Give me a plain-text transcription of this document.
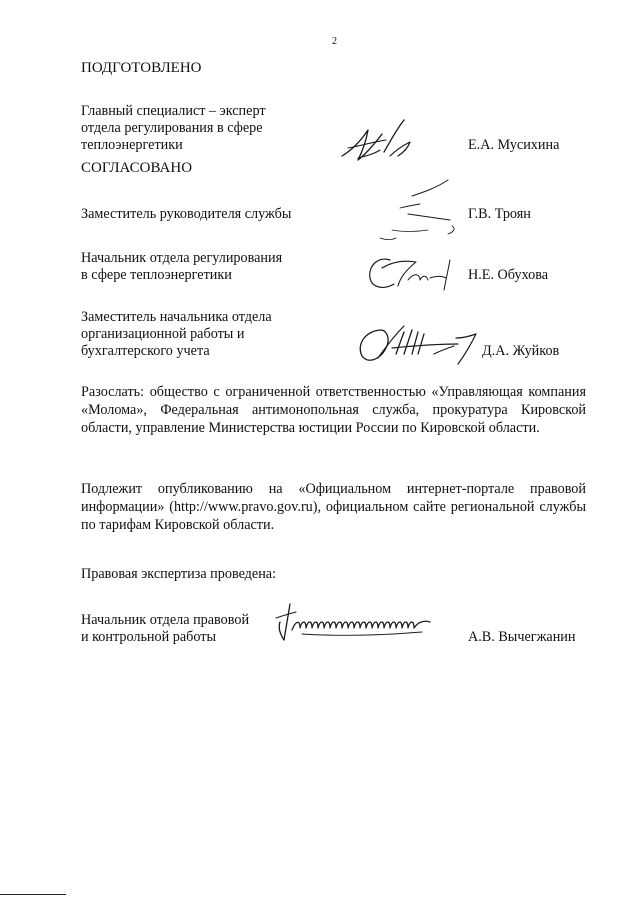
2
ПОДГОТОВЛЕНО
Главный специалист – эксперт
отдела регулирования в сфере
теплоэнергетики	Е.А. Мусихина
СОГЛАСОВАНО
Заместитель руководителя службы	Г.В. Троян
Начальник отдела регулирования
в сфере теплоэнергетики	Н.Е. Обухова
Заместитель начальника отдела
организационной работы и
бухгалтерского учета	Д.А. Жуйков
Разослать: общество с ограниченной ответственностью «Управляющая компания «Молома», Федеральная антимонопольная служба, прокуратура Кировской области, управление Министерства юстиции России по Кировской области.
Подлежит опубликованию на «Официальном интернет-портале правовой информации» (http://www.pravo.gov.ru), официальном сайте региональной службы по тарифам Кировской области.
Правовая экспертиза проведена:
Начальник отдела правовой
и контрольной работы	А.В. Вычегжанин
